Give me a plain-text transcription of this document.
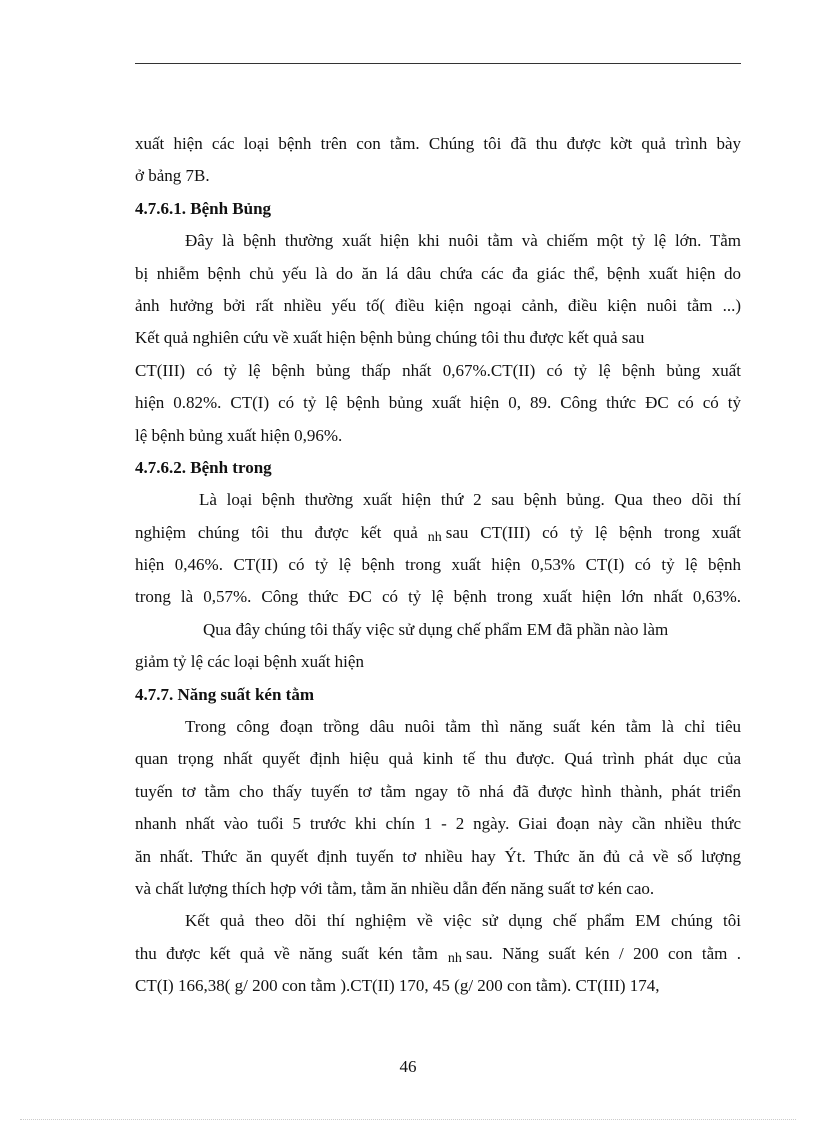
xuất hiện các loại bệnh trên con tằm. Chúng tôi đã thu được kờt quả trình bày
ở bảng 7B.
4.7.6.1. Bệnh Bủng
Đây là bệnh thường xuất hiện khi nuôi tằm và chiếm một tỷ lệ lớn. Tằm
bị nhiễm bệnh chủ yếu là do ăn lá dâu chứa các đa giác thể, bệnh xuất hiện do
ảnh hưởng bởi rất nhiều yếu tố( điều kiện ngoại cảnh, điều kiện nuôi tằm ...)
Kết quả nghiên cứu về xuất hiện bệnh bủng chúng tôi thu được kết quả sau
CT(III) có tỷ lệ bệnh bủng thấp nhất 0,67%.CT(II) có tỷ lệ bệnh bủng xuất
hiện 0.82%. CT(I) có tỷ lệ bệnh bủng xuất hiện 0, 89. Công thức ĐC có có tỷ
lệ bệnh bủng xuất hiện 0,96%.
4.7.6.2. Bệnh trong
Là loại bệnh thường xuất hiện thứ 2 sau bệnh bủng. Qua theo dõi thí
nghiệm chúng tôi thu được kết quả nh sau CT(III) có tỷ lệ bệnh trong xuất
hiện 0,46%. CT(II) có tỷ lệ bệnh trong xuất hiện 0,53% CT(I) có tỷ lệ bệnh
trong là 0,57%. Công thức ĐC có tỷ lệ bệnh trong xuất hiện lớn nhất 0,63%.
Qua đây chúng tôi thấy việc sử dụng chế phẩm EM đã phần nào làm
giảm tỷ lệ các loại bệnh xuất hiện
4.7.7. Năng suất kén tằm
Trong công đoạn trồng dâu nuôi tằm thì năng suất kén tằm là chỉ tiêu
quan trọng nhất quyết định hiệu quả kinh tế thu được. Quá trình phát dục của
tuyến tơ tằm cho thấy tuyến tơ tằm ngay tõ nhá đã được hình thành, phát triển
nhanh nhất vào tuổi 5 trước khi chín 1 - 2 ngày. Giai đoạn này cần nhiều thức
ăn nhất. Thức ăn quyết định tuyến tơ nhiều hay Ýt. Thức ăn đủ cả về số lượng
và chất lượng thích hợp với tằm, tằm ăn nhiều dẫn đến năng suất tơ kén cao.
Kết quả theo dõi thí nghiệm về việc sử dụng chế phẩm EM chúng tôi
thu được kết quả về năng suất kén tằm nh sau. Năng suất kén / 200 con tằm .
CT(I) 166,38( g/ 200 con tằm ).CT(II) 170, 45 (g/ 200 con tằm). CT(III) 174,
46
